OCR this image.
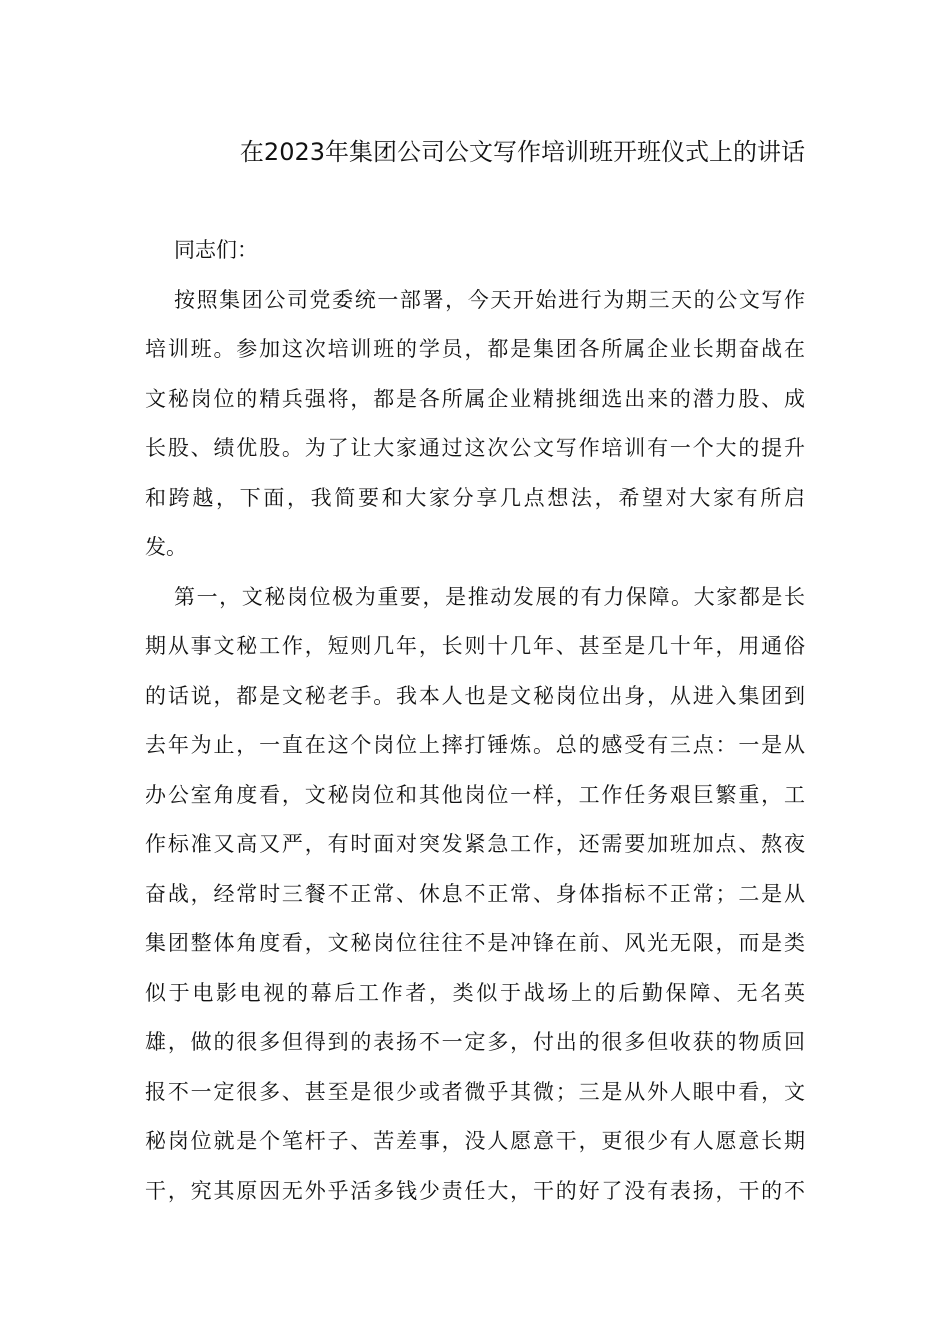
在2023年集团公司公文写作培训班开班仪式上的讲话
同志们：
按照集团公司党委统一部署，今天开始进行为期三天的公文写作
培训班。参加这次培训班的学员，都是集团各所属企业长期奋战在
文秘岗位的精兵强将，都是各所属企业精挑细选出来的潜力股、成
长股、绩优股。为了让大家通过这次公文写作培训有一个大的提升
和跨越，下面，我简要和大家分享几点想法，希望对大家有所启
发。
第一，文秘岗位极为重要，是推动发展的有力保障。大家都是长
期从事文秘工作，短则几年，长则十几年、甚至是几十年，用通俗
的话说，都是文秘老手。我本人也是文秘岗位出身，从进入集团到
去年为止，一直在这个岗位上摔打锤炼。总的感受有三点：一是从
办公室角度看，文秘岗位和其他岗位一样，工作任务艰巨繁重，工
作标准又高又严，有时面对突发紧急工作，还需要加班加点、熬夜
奋战，经常时三餐不正常、休息不正常、身体指标不正常；二是从
集团整体角度看，文秘岗位往往不是冲锋在前、风光无限，而是类
似于电影电视的幕后工作者，类似于战场上的后勤保障、无名英
雄，做的很多但得到的表扬不一定多，付出的很多但收获的物质回
报不一定很多、甚至是很少或者微乎其微；三是从外人眼中看，文
秘岗位就是个笔杆子、苦差事，没人愿意干，更很少有人愿意长期
干，究其原因无外乎活多钱少责任大，干的好了没有表扬，干的不
